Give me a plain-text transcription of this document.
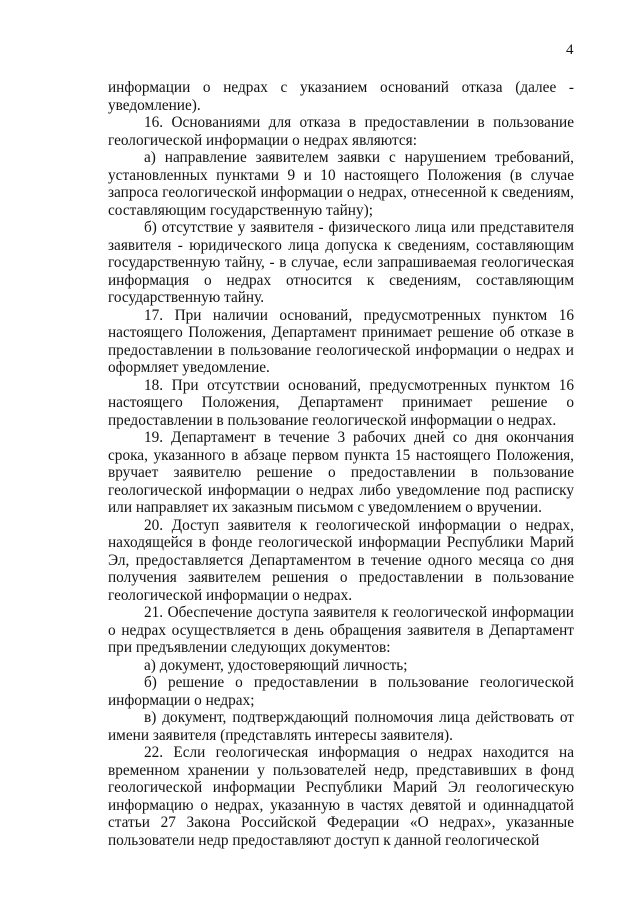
4

информации о недрах с указанием оснований отказа (далее - уведомление).

16. Основаниями для отказа в предоставлении в пользование геологической информации о недрах являются:

а) направление заявителем заявки с нарушением требований, установленных пунктами 9 и 10 настоящего Положения (в случае запроса геологической информации о недрах, отнесенной к сведениям, составляющим государственную тайну);

б) отсутствие у заявителя - физического лица или представителя заявителя - юридического лица допуска к сведениям, составляющим государственную тайну, - в случае, если запрашиваемая геологическая информация о недрах относится к сведениям, составляющим государственную тайну.

17. При наличии оснований, предусмотренных пунктом 16 настоящего Положения, Департамент принимает решение об отказе в предоставлении в пользование геологической информации о недрах и оформляет уведомление.

18. При отсутствии оснований, предусмотренных пунктом 16 настоящего Положения, Департамент принимает решение о предоставлении в пользование геологической информации о недрах.

19. Департамент в течение 3 рабочих дней со дня окончания срока, указанного в абзаце первом пункта 15 настоящего Положения, вручает заявителю решение о предоставлении в пользование геологической информации о недрах либо уведомление под расписку или направляет их заказным письмом с уведомлением о вручении.

20. Доступ заявителя к геологической информации о недрах, находящейся в фонде геологической информации Республики Марий Эл, предоставляется Департаментом в течение одного месяца со дня получения заявителем решения о предоставлении в пользование геологической информации о недрах.

21. Обеспечение доступа заявителя к геологической информации о недрах осуществляется в день обращения заявителя в Департамент при предъявлении следующих документов:

а) документ, удостоверяющий личность;

б) решение о предоставлении в пользование геологической информации о недрах;

в) документ, подтверждающий полномочия лица действовать от имени заявителя (представлять интересы заявителя).

22. Если геологическая информация о недрах находится на временном хранении у пользователей недр, представивших в фонд геологической информации Республики Марий Эл геологическую информацию о недрах, указанную в частях девятой и одиннадцатой статьи 27 Закона Российской Федерации «О недрах», указанные пользователи недр предоставляют доступ к данной геологической
